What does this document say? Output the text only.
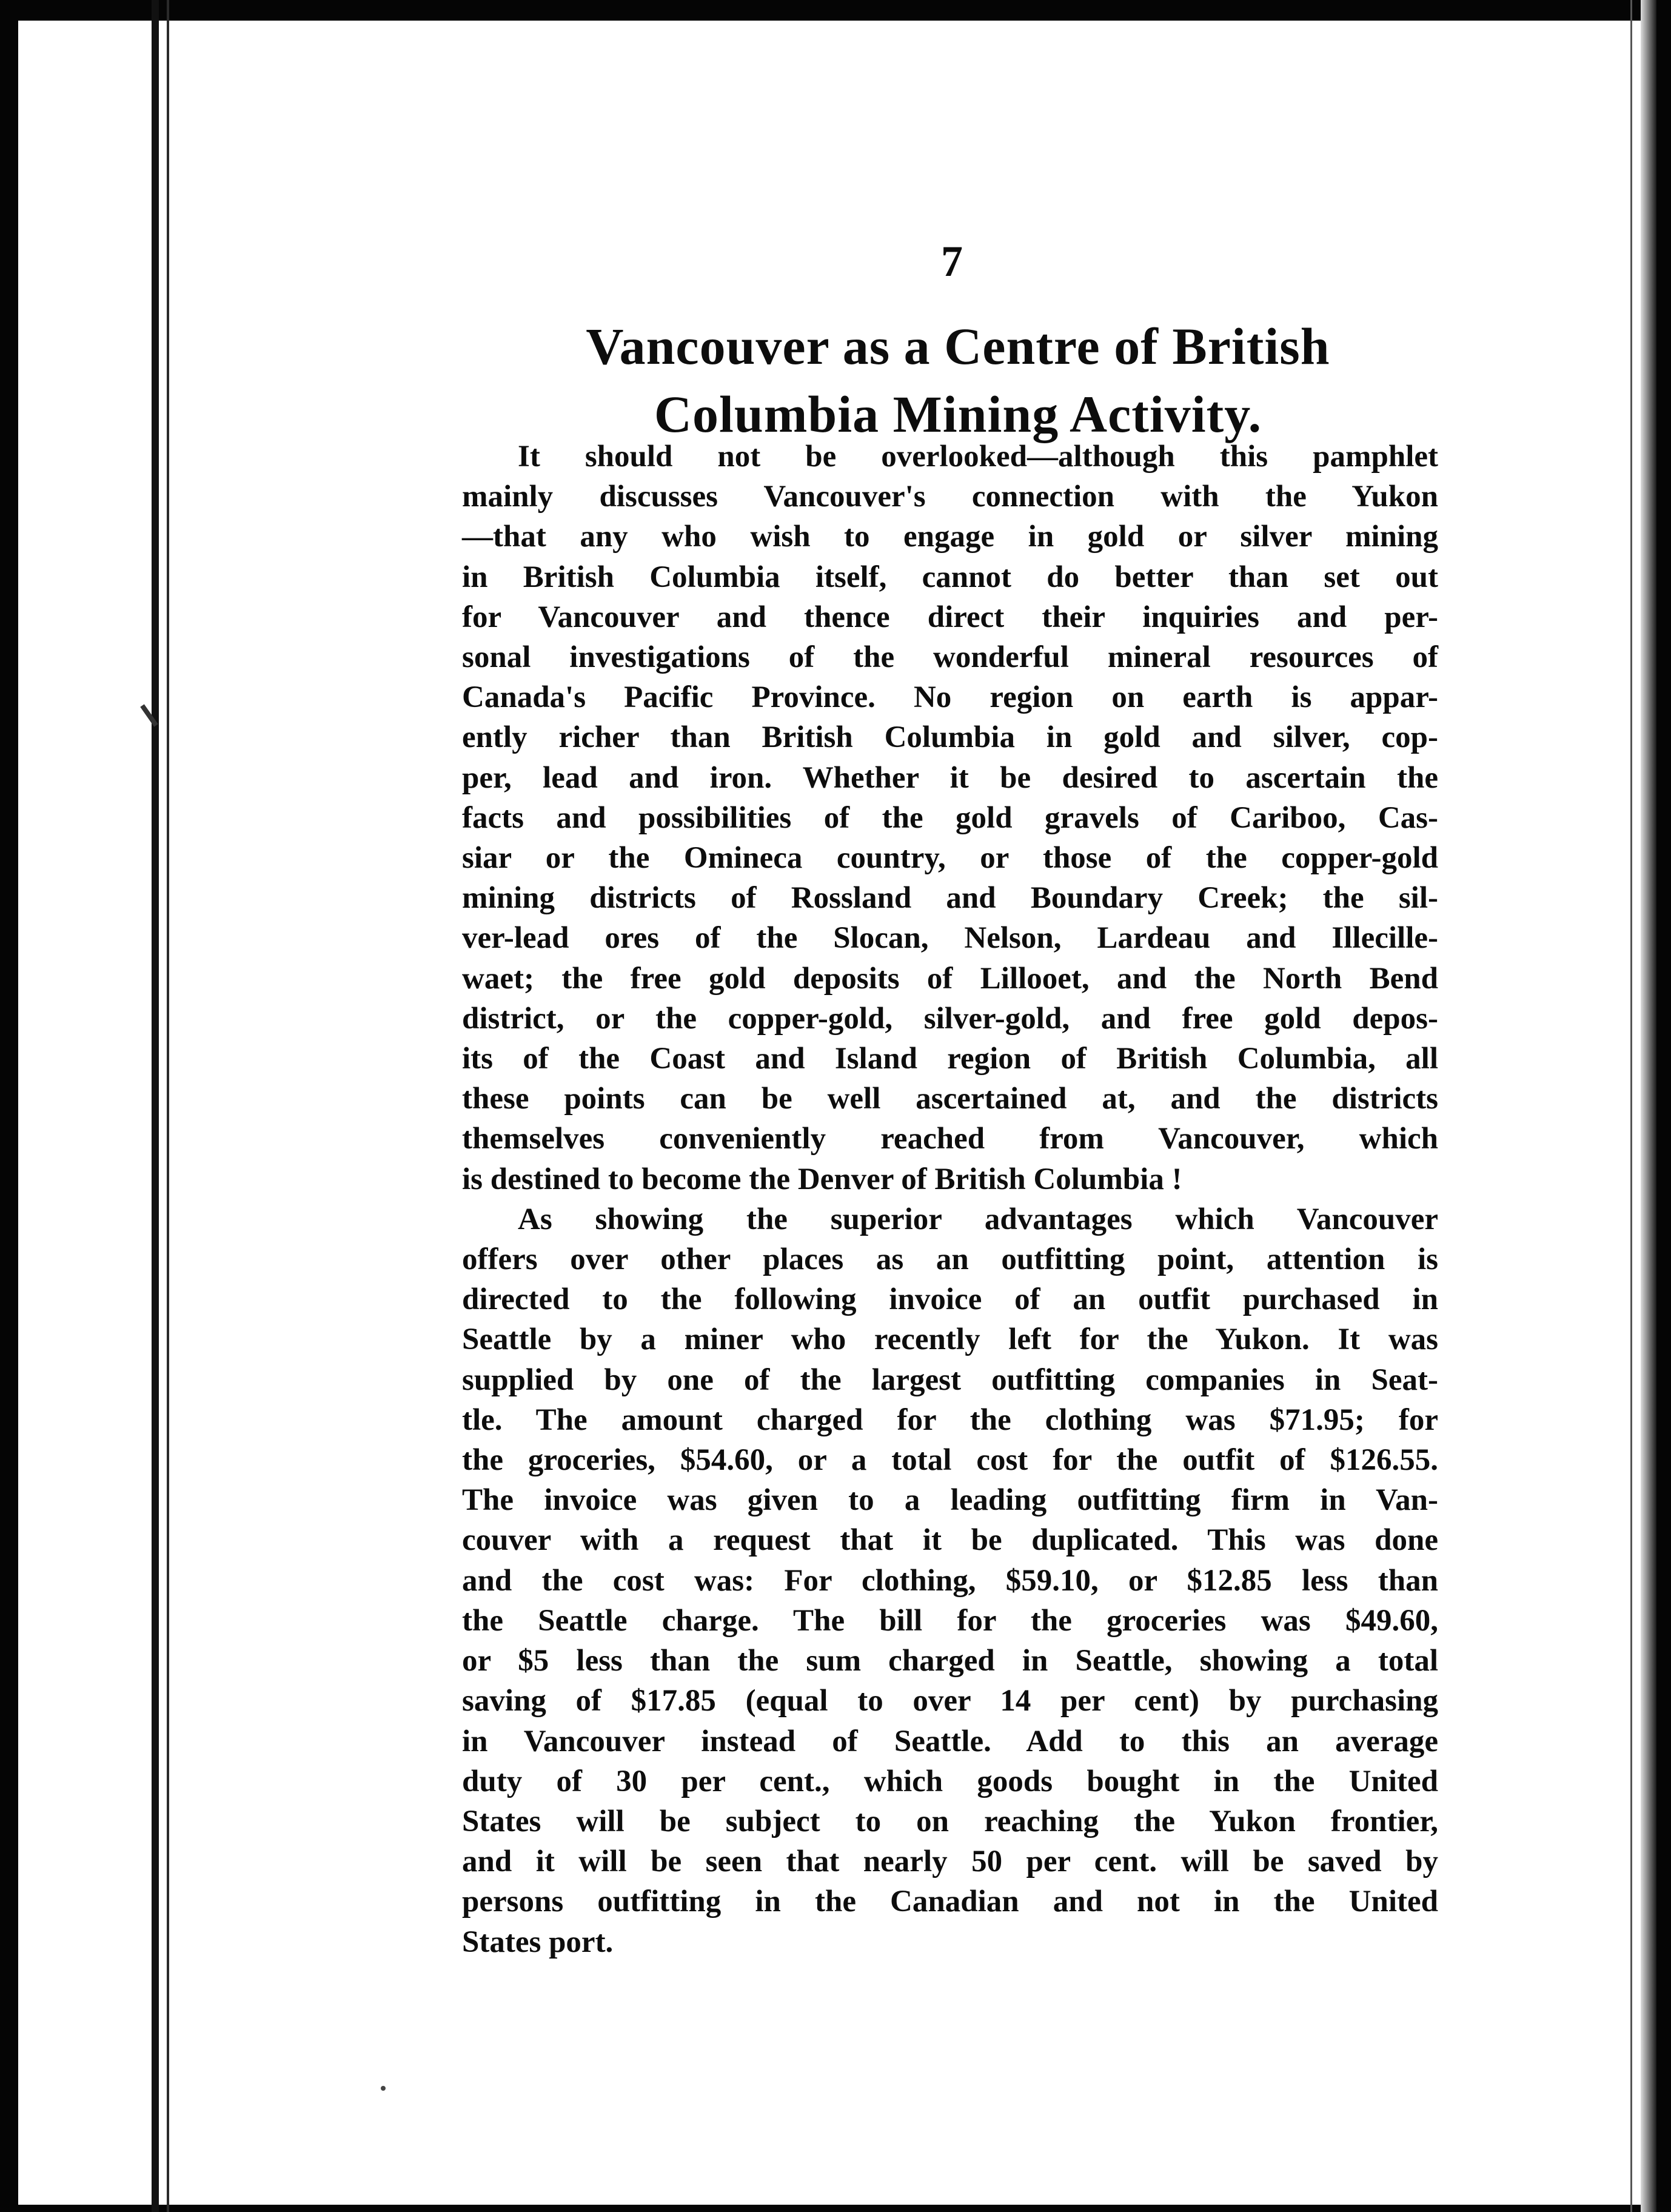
7
Vancouver as a Centre of British
Columbia Mining Activity.
It should not be overlooked—although this pamphlet
mainly discusses Vancouver's connection with the Yukon
—that any who wish to engage in gold or silver mining
in British Columbia itself, cannot do better than set out
for Vancouver and thence direct their inquiries and per-
sonal investigations of the wonderful mineral resources of
Canada's Pacific Province. No region on earth is appar-
ently richer than British Columbia in gold and silver, cop-
per, lead and iron. Whether it be desired to ascertain the
facts and possibilities of the gold gravels of Cariboo, Cas-
siar or the Omineca country, or those of the copper-gold
mining districts of Rossland and Boundary Creek; the sil-
ver-lead ores of the Slocan, Nelson, Lardeau and Illecille-
waet; the free gold deposits of Lillooet, and the North Bend
district, or the copper-gold, silver-gold, and free gold depos-
its of the Coast and Island region of British Columbia, all
these points can be well ascertained at, and the districts
themselves conveniently reached from Vancouver, which
is destined to become the Denver of British Columbia !
As showing the superior advantages which Vancouver
offers over other places as an outfitting point, attention is
directed to the following invoice of an outfit purchased in
Seattle by a miner who recently left for the Yukon. It was
supplied by one of the largest outfitting companies in Seat-
tle. The amount charged for the clothing was $71.95; for
the groceries, $54.60, or a total cost for the outfit of $126.55.
The invoice was given to a leading outfitting firm in Van-
couver with a request that it be duplicated. This was done
and the cost was: For clothing, $59.10, or $12.85 less than
the Seattle charge. The bill for the groceries was $49.60,
or $5 less than the sum charged in Seattle, showing a total
saving of $17.85 (equal to over 14 per cent) by purchasing
in Vancouver instead of Seattle. Add to this an average
duty of 30 per cent., which goods bought in the United
States will be subject to on reaching the Yukon frontier,
and it will be seen that nearly 50 per cent. will be saved by
persons outfitting in the Canadian and not in the United
States port.
